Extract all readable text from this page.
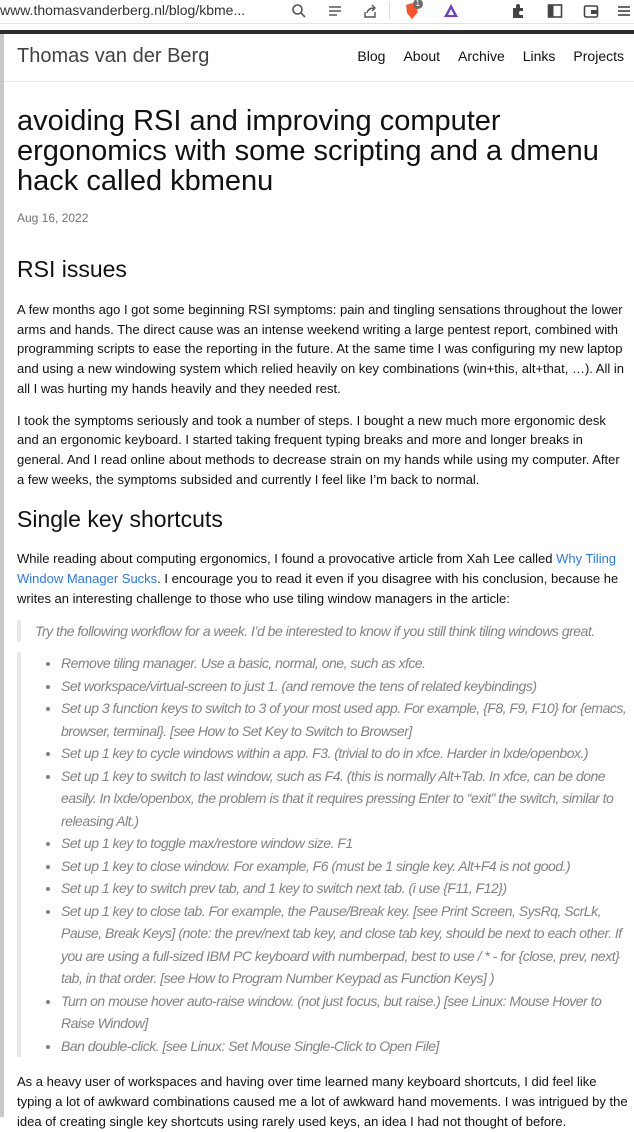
www.thomasvanderberg.nl/blog/kbme...	1
Thomas van der Berg	Blog About Archive Links Projects
avoiding RSI and improving computer ergonomics with some scripting and a dmenu hack called kbmenu
Aug 16, 2022
RSI issues

A few months ago I got some beginning RSI symptoms: pain and tingling sensations throughout the lower arms and hands. The direct cause was an intense weekend writing a large pentest report, combined with programming scripts to ease the reporting in the future. At the same time I was configuring my new laptop and using a new windowing system which relied heavily on key combinations (win+this, alt+that, …). All in all I was hurting my hands heavily and they needed rest.

I took the symptoms seriously and took a number of steps. I bought a new much more ergonomic desk and an ergonomic keyboard. I started taking frequent typing breaks and more and longer breaks in general. And I read online about methods to decrease strain on my hands while using my computer. After a few weeks, the symptoms subsided and currently I feel like I’m back to normal.

Single key shortcuts

While reading about computing ergonomics, I found a provocative article from Xah Lee called Why Tiling Window Manager Sucks. I encourage you to read it even if you disagree with his conclusion, because he writes an interesting challenge to those who use tiling window managers in the article:

Try the following workflow for a week. I’d be interested to know if you still think tiling windows great.

• Remove tiling manager. Use a basic, normal, one, such as xfce.
• Set workspace/virtual-screen to just 1. (and remove the tens of related keybindings)
• Set up 3 function keys to switch to 3 of your most used app. For example, {F8, F9, F10} for {emacs, browser, terminal}. [see How to Set Key to Switch to Browser]
• Set up 1 key to cycle windows within a app. F3. (trivial to do in xfce. Harder in lxde/openbox.)
• Set up 1 key to switch to last window, such as F4. (this is normally Alt+Tab. In xfce, can be done easily. In lxde/openbox, the problem is that it requires pressing Enter to “exit” the switch, similar to releasing Alt.)
• Set up 1 key to toggle max/restore window size. F1
• Set up 1 key to close window. For example, F6 (must be 1 single key. Alt+F4 is not good.)
• Set up 1 key to switch prev tab, and 1 key to switch next tab. (i use {F11, F12})
• Set up 1 key to close tab. For example, the Pause/Break key. [see Print Screen, SysRq, ScrLk, Pause, Break Keys] (note: the prev/next tab key, and close tab key, should be next to each other. If you are using a full-sized IBM PC keyboard with numberpad, best to use / * - for {close, prev, next} tab, in that order. [see How to Program Number Keypad as Function Keys] )
• Turn on mouse hover auto-raise window. (not just focus, but raise.) [see Linux: Mouse Hover to Raise Window]
• Ban double-click. [see Linux: Set Mouse Single-Click to Open File]

As a heavy user of workspaces and having over time learned many keyboard shortcuts, I did feel like typing a lot of awkward combinations caused me a lot of awkward hand movements. I was intrigued by the idea of creating single key shortcuts using rarely used keys, an idea I had not thought of before.
